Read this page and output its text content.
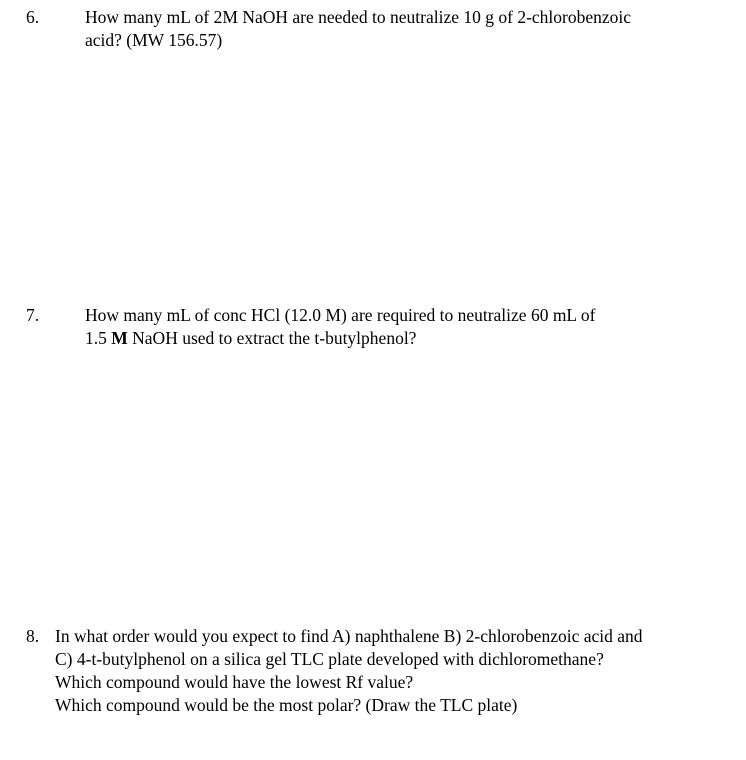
6.	How many mL of 2M NaOH are needed to neutralize 10 g of 2-chlorobenzoic
acid? (MW 156.57)
7.	How many mL of conc HCl (12.0 M) are required to neutralize 60 mL of
1.5 M NaOH used to extract the t-butylphenol?
8. In what order would you expect to find A) naphthalene B) 2-chlorobenzoic acid and
C) 4-t-butylphenol on a silica gel TLC plate developed with dichloromethane?
Which compound would have the lowest Rf value?
Which compound would be the most polar? (Draw the TLC plate)
